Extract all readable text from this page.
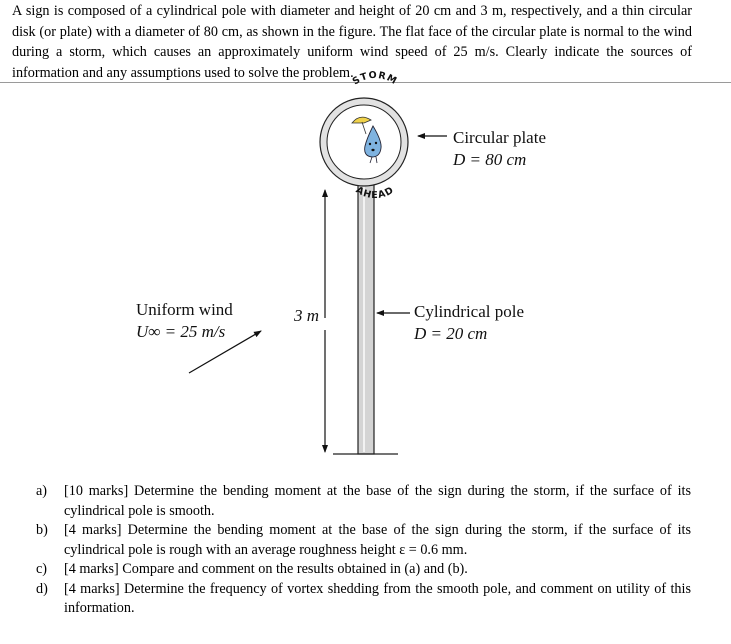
A sign is composed of a cylindrical pole with diameter and height of 20 cm and 3 m, respectively, and a thin circular disk (or plate) with a diameter of 80 cm, as shown in the figure. The flat face of the circular plate is normal to the wind during a storm, which causes an approximately uniform wind speed of 25 m/s. Clearly indicate the sources of information and any assumptions used to solve the problem.

STORM
AHEAD
Circular plate
D = 80 cm
Cylindrical pole
D = 20 cm
3 m
Uniform wind
U∞ = 25 m/s
a) [10 marks] Determine the bending moment at the base of the sign during the storm, if the surface of its cylindrical pole is smooth.
b) [4 marks] Determine the bending moment at the base of the sign during the storm, if the surface of its cylindrical pole is rough with an average roughness height ε = 0.6 mm.
c) [4 marks] Compare and comment on the results obtained in (a) and (b).
d) [4 marks] Determine the frequency of vortex shedding from the smooth pole, and comment on utility of this information.
